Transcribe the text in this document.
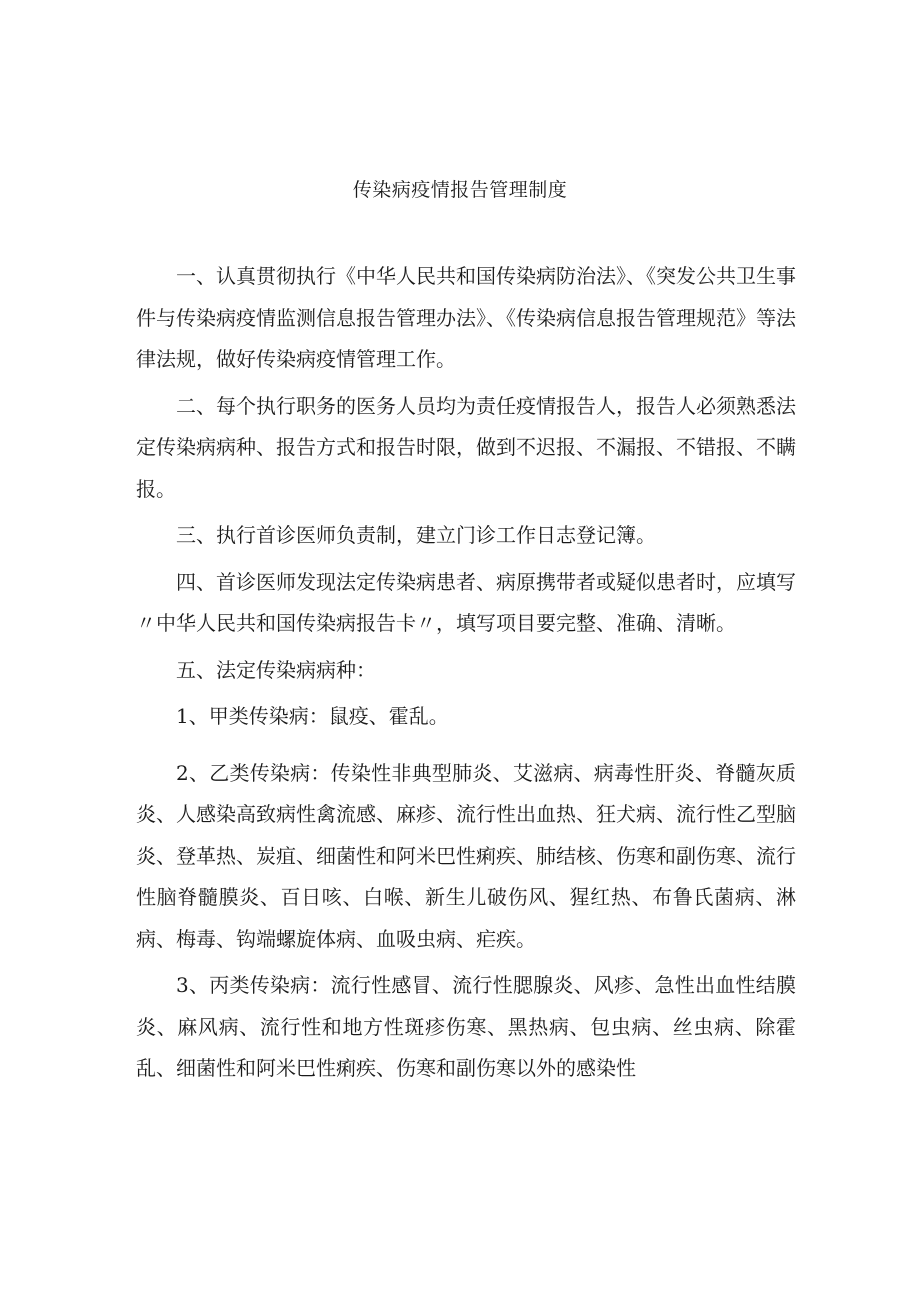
传染病疫情报告管理制度

一、认真贯彻执行《中华人民共和国传染病防治法》、《突发公共卫生事件与传染病疫情监测信息报告管理办法》、《传染病信息报告管理规范》等法律法规，做好传染病疫情管理工作。

二、每个执行职务的医务人员均为责任疫情报告人，报告人必须熟悉法定传染病病种、报告方式和报告时限，做到不迟报、不漏报、不错报、不瞒报。

三、执行首诊医师负责制，建立门诊工作日志登记簿。

四、首诊医师发现法定传染病患者、病原携带者或疑似患者时，应填写〃中华人民共和国传染病报告卡〃，填写项目要完整、准确、清晰。

五、法定传染病病种：

1、甲类传染病：鼠疫、霍乱。

2、乙类传染病：传染性非典型肺炎、艾滋病、病毒性肝炎、脊髓灰质炎、人感染高致病性禽流感、麻疹、流行性出血热、狂犬病、流行性乙型脑炎、登革热、炭疽、细菌性和阿米巴性痢疾、肺结核、伤寒和副伤寒、流行性脑脊髓膜炎、百日咳、白喉、新生儿破伤风、猩红热、布鲁氏菌病、淋病、梅毒、钩端螺旋体病、血吸虫病、疟疾。

3、丙类传染病：流行性感冒、流行性腮腺炎、风疹、急性出血性结膜炎、麻风病、流行性和地方性斑疹伤寒、黑热病、包虫病、丝虫病、除霍乱、细菌性和阿米巴性痢疾、伤寒和副伤寒以外的感染性
